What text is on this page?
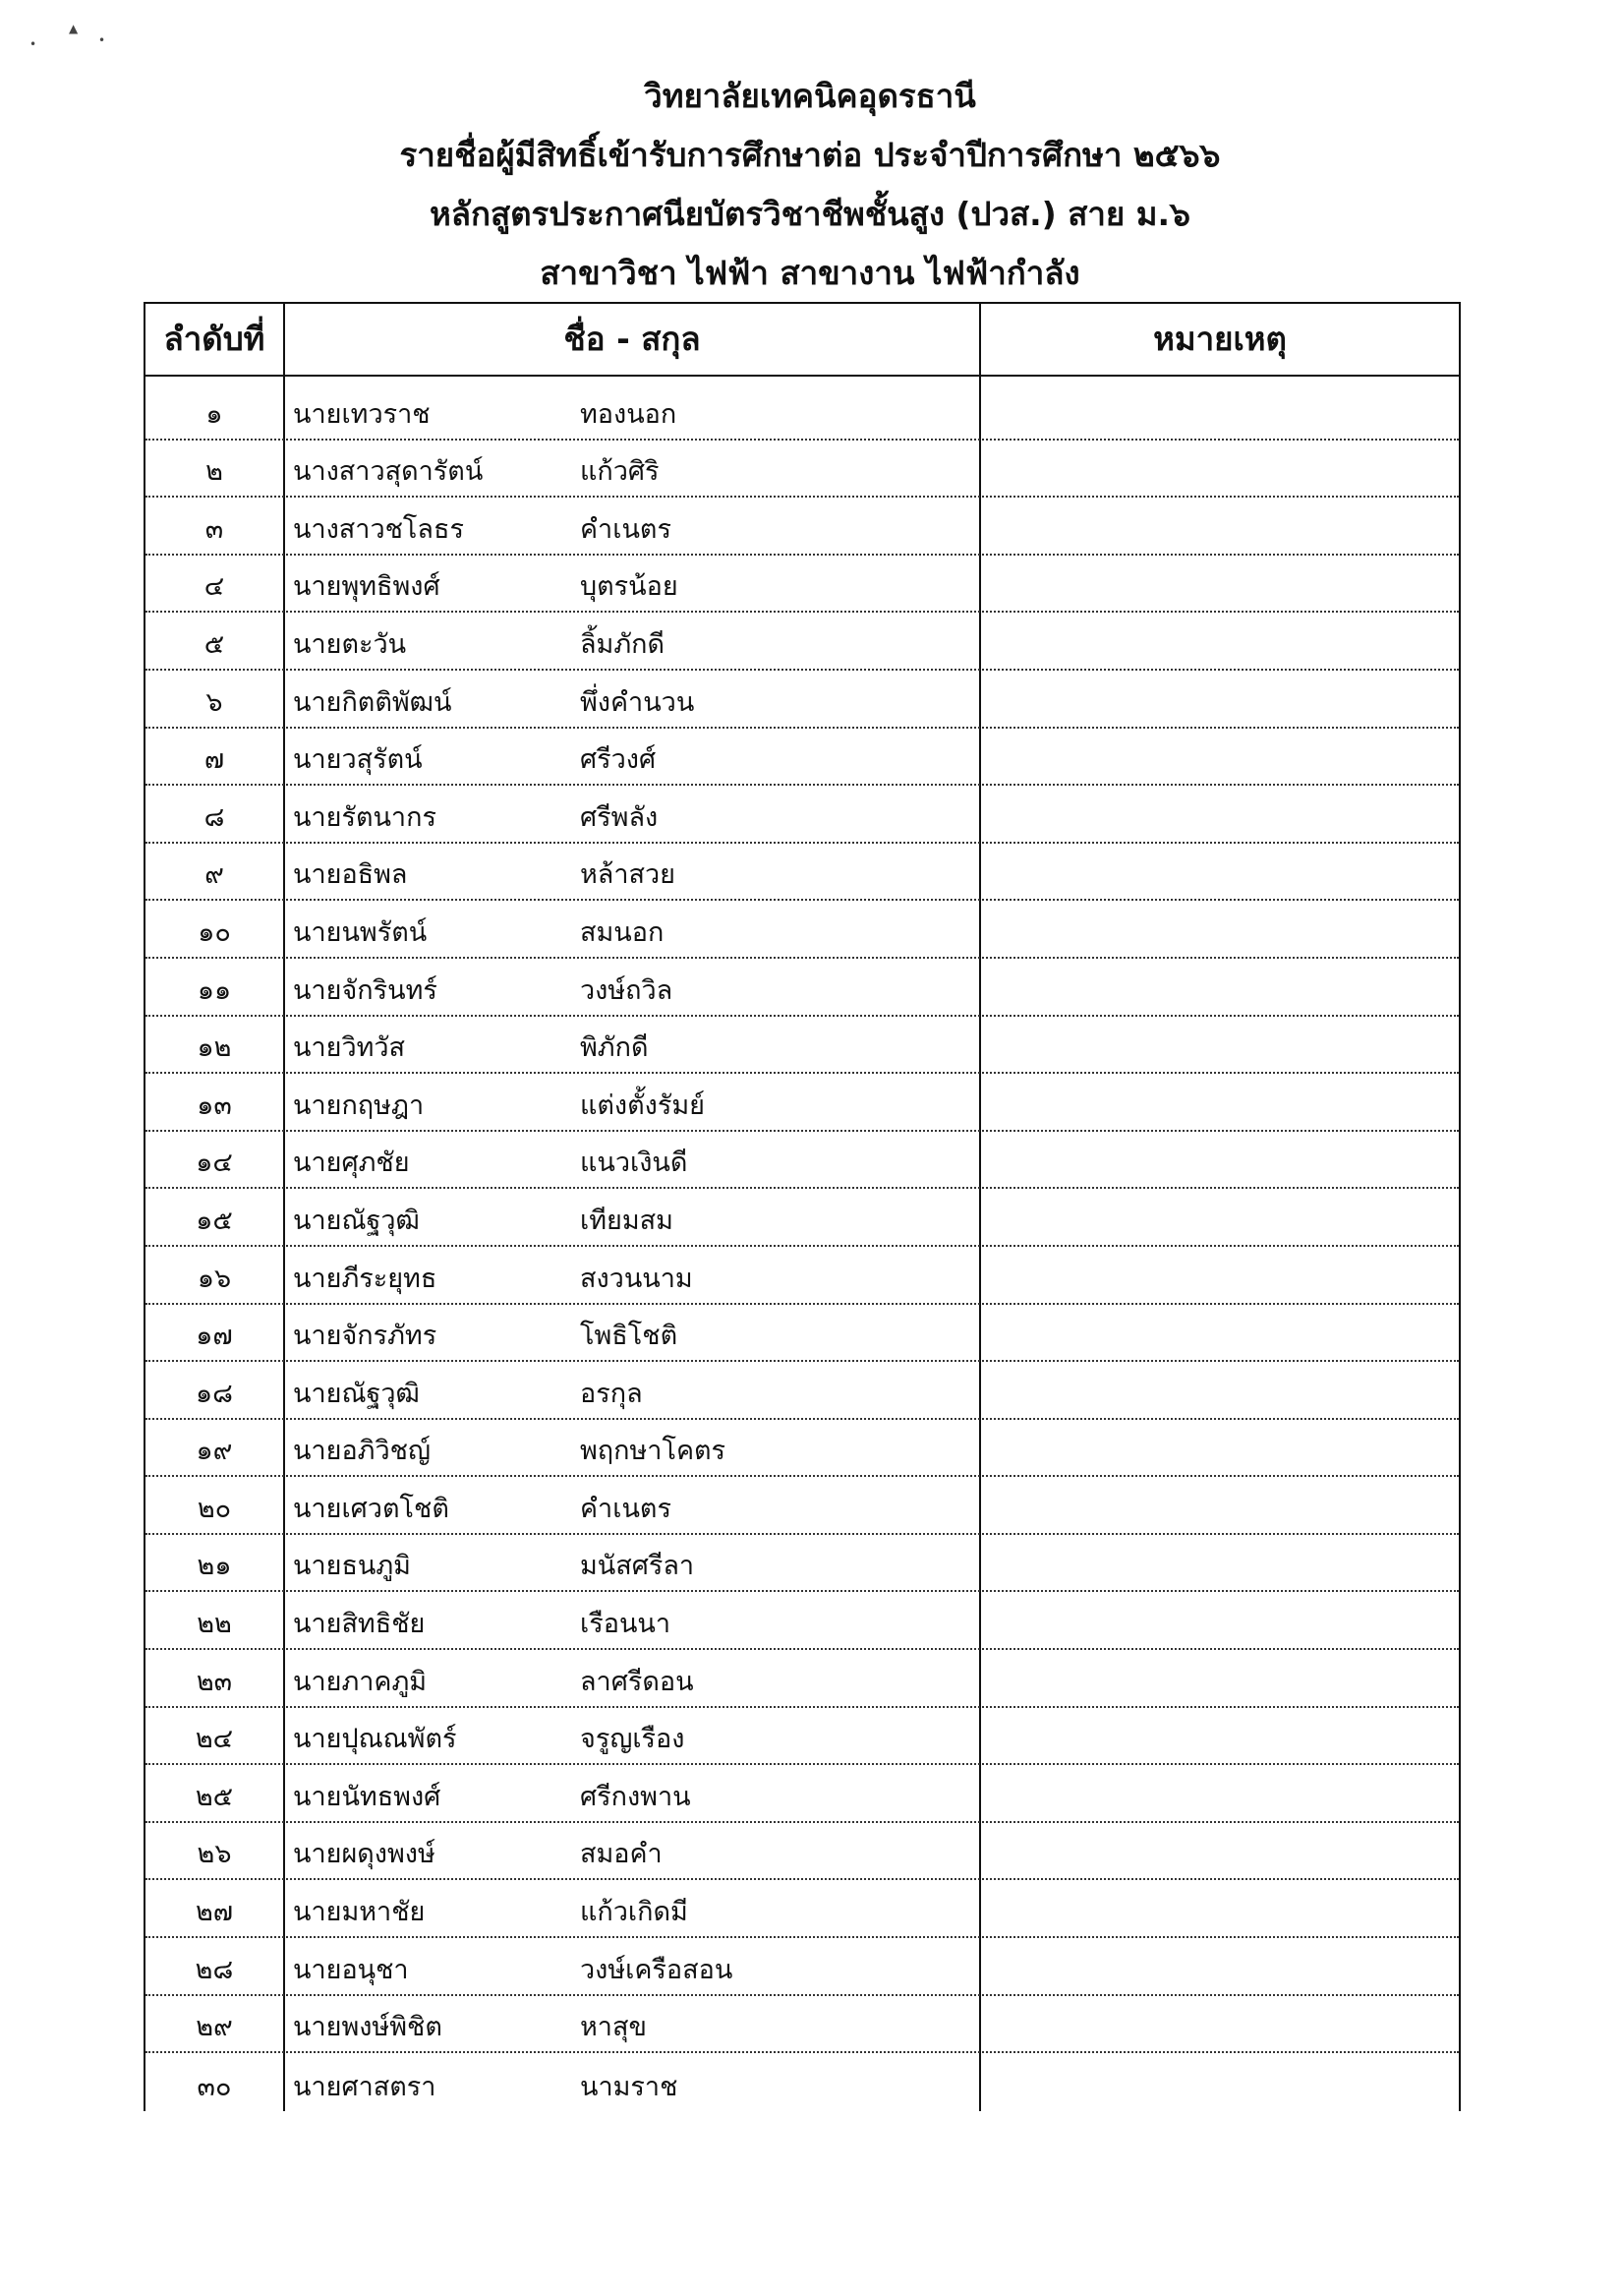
•
▲
•
วิทยาลัยเทคนิคอุดรธานี
รายชื่อผู้มีสิทธิ์เข้ารับการศึกษาต่อ ประจำปีการศึกษา ๒๕๖๖
หลักสูตรประกาศนียบัตรวิชาชีพชั้นสูง (ปวส.) สาย ม.๖
สาขาวิชา ไฟฟ้า สาขางาน ไฟฟ้ากำลัง
ลำดับที่	ชื่อ - สกุล	หมายเหตุ
๑	นายเทวราช	ทองนอก
๒	นางสาวสุดารัตน์	แก้วศิริ
๓	นางสาวชโลธร	คำเนตร
๔	นายพุทธิพงศ์	บุตรน้อย
๕	นายตะวัน	ลิ้มภักดี
๖	นายกิตติพัฒน์	พึ่งคำนวน
๗	นายวสุรัตน์	ศรีวงศ์
๘	นายรัตนากร	ศรีพลัง
๙	นายอธิพล	หล้าสวย
๑๐	นายนพรัตน์	สมนอก
๑๑	นายจักรินทร์	วงษ์ถวิล
๑๒	นายวิทวัส	พิภักดี
๑๓	นายกฤษฎา	แต่งตั้งรัมย์
๑๔	นายศุภชัย	แนวเงินดี
๑๕	นายณัฐวุฒิ	เทียมสม
๑๖	นายภีระยุทธ	สงวนนาม
๑๗	นายจักรภัทร	โพธิโชติ
๑๘	นายณัฐวุฒิ	อรกุล
๑๙	นายอภิวิชญ์	พฤกษาโคตร
๒๐	นายเศวตโชติ	คำเนตร
๒๑	นายธนภูมิ	มนัสศรีลา
๒๒	นายสิทธิชัย	เรือนนา
๒๓	นายภาคภูมิ	ลาศรีดอน
๒๔	นายปุณณพัตร์	จรูญเรือง
๒๕	นายนัทธพงศ์	ศรีกงพาน
๒๖	นายผดุงพงษ์	สมอคำ
๒๗	นายมหาชัย	แก้วเกิดมี
๒๘	นายอนุชา	วงษ์เครือสอน
๒๙	นายพงษ์พิชิต	หาสุข
๓๐	นายศาสตรา	นามราช
